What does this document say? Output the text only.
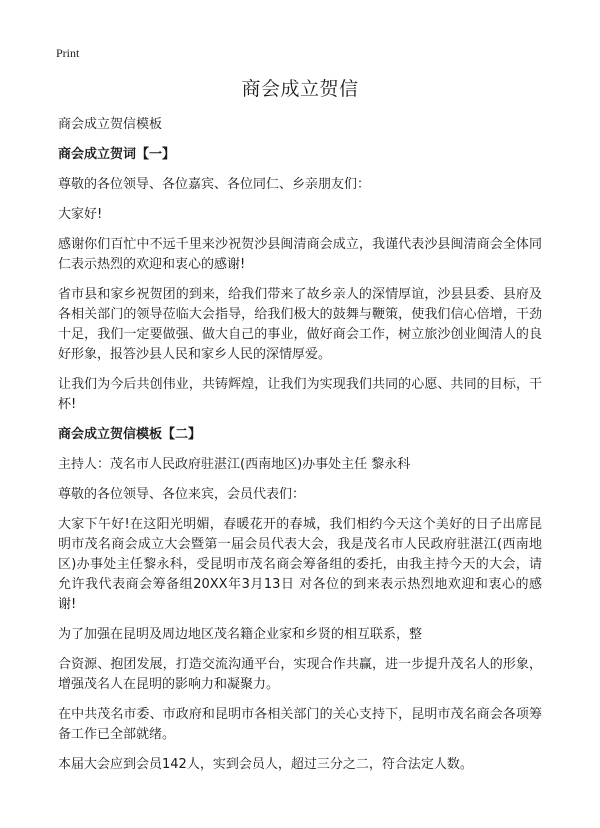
Print
商会成立贺信

商会成立贺信模板

商会成立贺词【一】

尊敬的各位领导、各位嘉宾、各位同仁、乡亲朋友们：

大家好!

感谢你们百忙中不远千里来沙祝贺沙县闽清商会成立，我谨代表沙县闽清商会全体同仁表示热烈的欢迎和衷心的感谢!

省市县和家乡祝贺团的到来，给我们带来了故乡亲人的深情厚谊，沙县县委、县府及各相关部门的领导莅临大会指导，给我们极大的鼓舞与鞭策，使我们信心倍增，干劲十足，我们一定要做强、做大自己的事业，做好商会工作，树立旅沙创业闽清人的良好形象，报答沙县人民和家乡人民的深情厚爱。

让我们为今后共创伟业，共铸辉煌，让我们为实现我们共同的心愿、共同的目标，干杯!

商会成立贺信模板【二】

主持人：茂名市人民政府驻湛江(西南地区)办事处主任 黎永科

尊敬的各位领导、各位来宾，会员代表们：

大家下午好!在这阳光明媚，春暖花开的春城，我们相约今天这个美好的日子出席昆明市茂名商会成立大会暨第一届会员代表大会，我是茂名市人民政府驻湛江(西南地区)办事处主任黎永科，受昆明市茂名商会筹备组的委托，由我主持今天的大会，请允许我代表商会筹备组20XX年3月13日 对各位的到来表示热烈地欢迎和衷心的感谢!

为了加强在昆明及周边地区茂名籍企业家和乡贤的相互联系，整

合资源、抱团发展，打造交流沟通平台，实现合作共赢，进一步提升茂名人的形象，增强茂名人在昆明的影响力和凝聚力。

在中共茂名市委、市政府和昆明市各相关部门的关心支持下，昆明市茂名商会各项筹备工作已全部就绪。

本届大会应到会员142人，实到会员人，超过三分之二，符合法定人数。
